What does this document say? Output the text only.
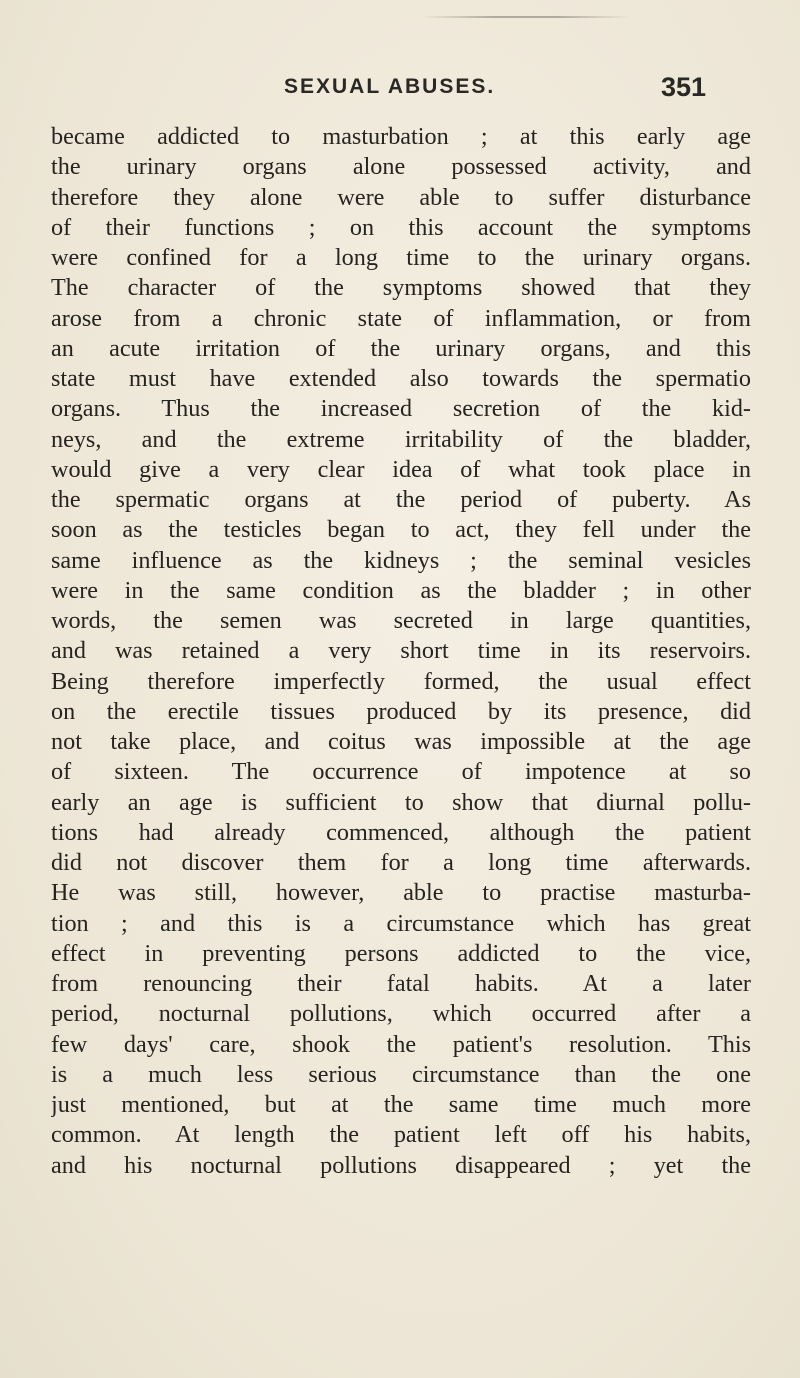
SEXUAL ABUSES.	351
became addicted to masturbation ; at this early age
the urinary organs alone possessed activity, and
therefore they alone were able to suffer disturbance
of their functions ; on this account the symptoms
were confined for a long time to the urinary organs.
The character of the symptoms showed that they
arose from a chronic state of inflammation, or from
an acute irritation of the urinary organs, and this
state must have extended also towards the spermatio
organs. Thus the increased secretion of the kid-
neys, and the extreme irritability of the bladder,
would give a very clear idea of what took place in
the spermatic organs at the period of puberty. As
soon as the testicles began to act, they fell under the
same influence as the kidneys ; the seminal vesicles
were in the same condition as the bladder ; in other
words, the semen was secreted in large quantities,
and was retained a very short time in its reservoirs.
Being therefore imperfectly formed, the usual effect
on the erectile tissues produced by its presence, did
not take place, and coitus was impossible at the age
of sixteen. The occurrence of impotence at so
early an age is sufficient to show that diurnal pollu-
tions had already commenced, although the patient
did not discover them for a long time afterwards.
He was still, however, able to practise masturba-
tion ; and this is a circumstance which has great
effect in preventing persons addicted to the vice,
from renouncing their fatal habits. At a later
period, nocturnal pollutions, which occurred after a
few days' care, shook the patient's resolution. This
is a much less serious circumstance than the one
just mentioned, but at the same time much more
common. At length the patient left off his habits,
and his nocturnal pollutions disappeared ; yet the
